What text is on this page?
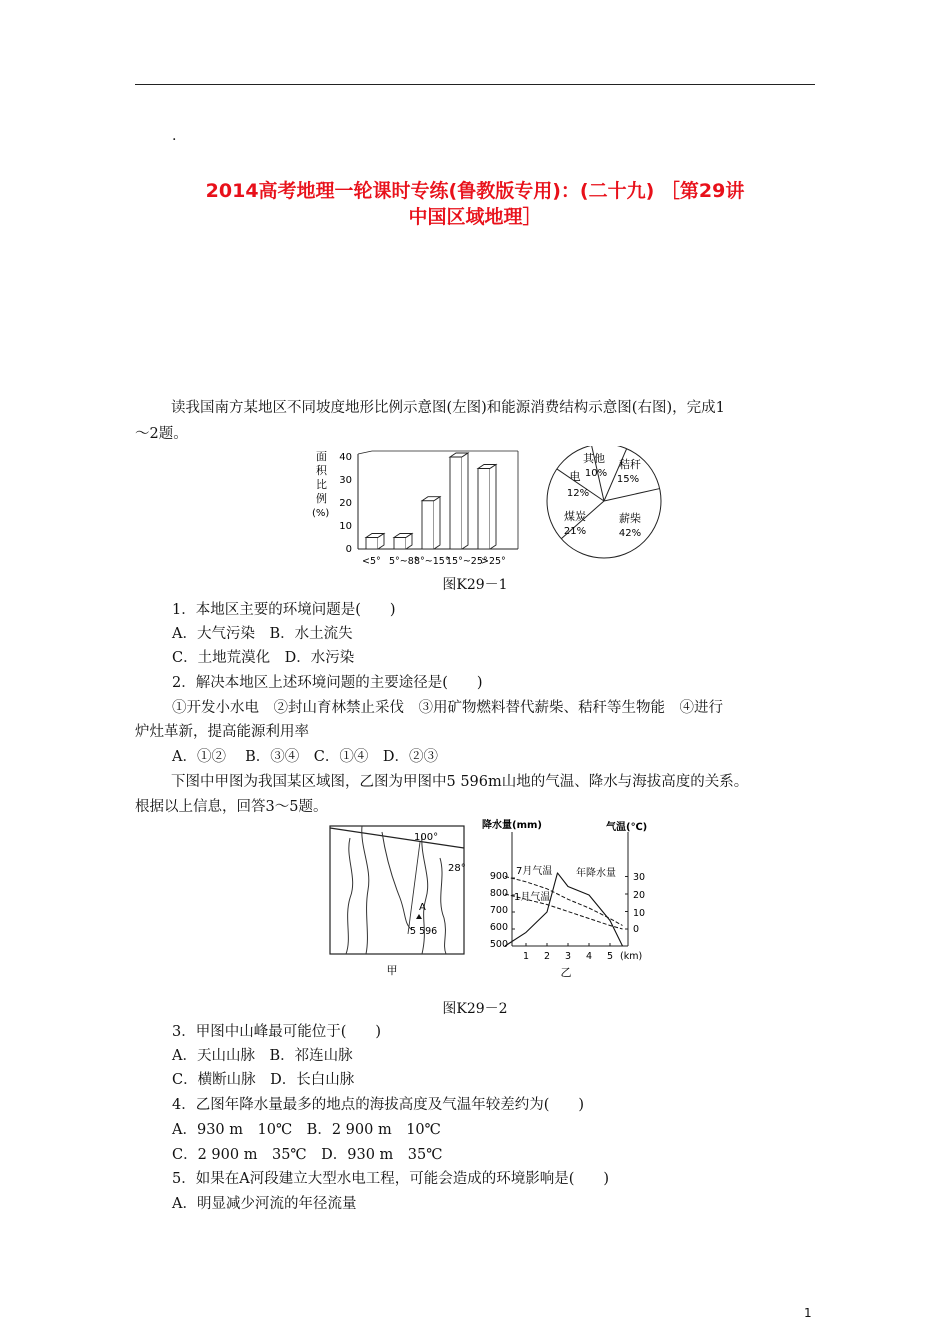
.
2014高考地理一轮课时专练(鲁教版专用)：(二十九) ［第29讲
中国区域地理］
读我国南方某地区不同坡度地形比例示意图(左图)和能源消费结构示意图(右图)，完成1
～2题。
面
积
比
例
(%)
40
30
20
10
0
<5° 5°~8°
8°~15°
15°~25°
>25°
其他
10%
秸秆
15%
电
12%
煤炭
21%
薪柴
42%
图K29－1
1．本地区主要的环境问题是(　　)
A．大气污染　B．水土流失
C．土地荒漠化　D．水污染
2．解决本地区上述环境问题的主要途径是(　　)
①开发小水电　②封山育林禁止采伐　③用矿物燃料替代薪柴、秸秆等生物能　④进行
炉灶革新，提高能源利用率
A．①②　 B．③④　C．①④　D．②③
下图中甲图为我国某区域图，乙图为甲图中5 596m山地的气温、降水与海拔高度的关系。
根据以上信息，回答3～5题。
100°
28°
A
5 596
甲
降水量(mm)	气温(℃)
900
800
700
600
500
30
20
10
0
1 2 3 4 5 (km)
7月气温
1月气温
年降水量
乙
图K29－2
3．甲图中山峰最可能位于(　　)
A．天山山脉　B．祁连山脉
C．横断山脉　D．长白山脉
4．乙图年降水量最多的地点的海拔高度及气温年较差约为(　　)
A．930 m　10℃　B．2 900 m　10℃
C．2 900 m　35℃　D．930 m　35℃
5．如果在A河段建立大型水电工程，可能会造成的环境影响是(　　)
A．明显减少河流的年径流量
1
